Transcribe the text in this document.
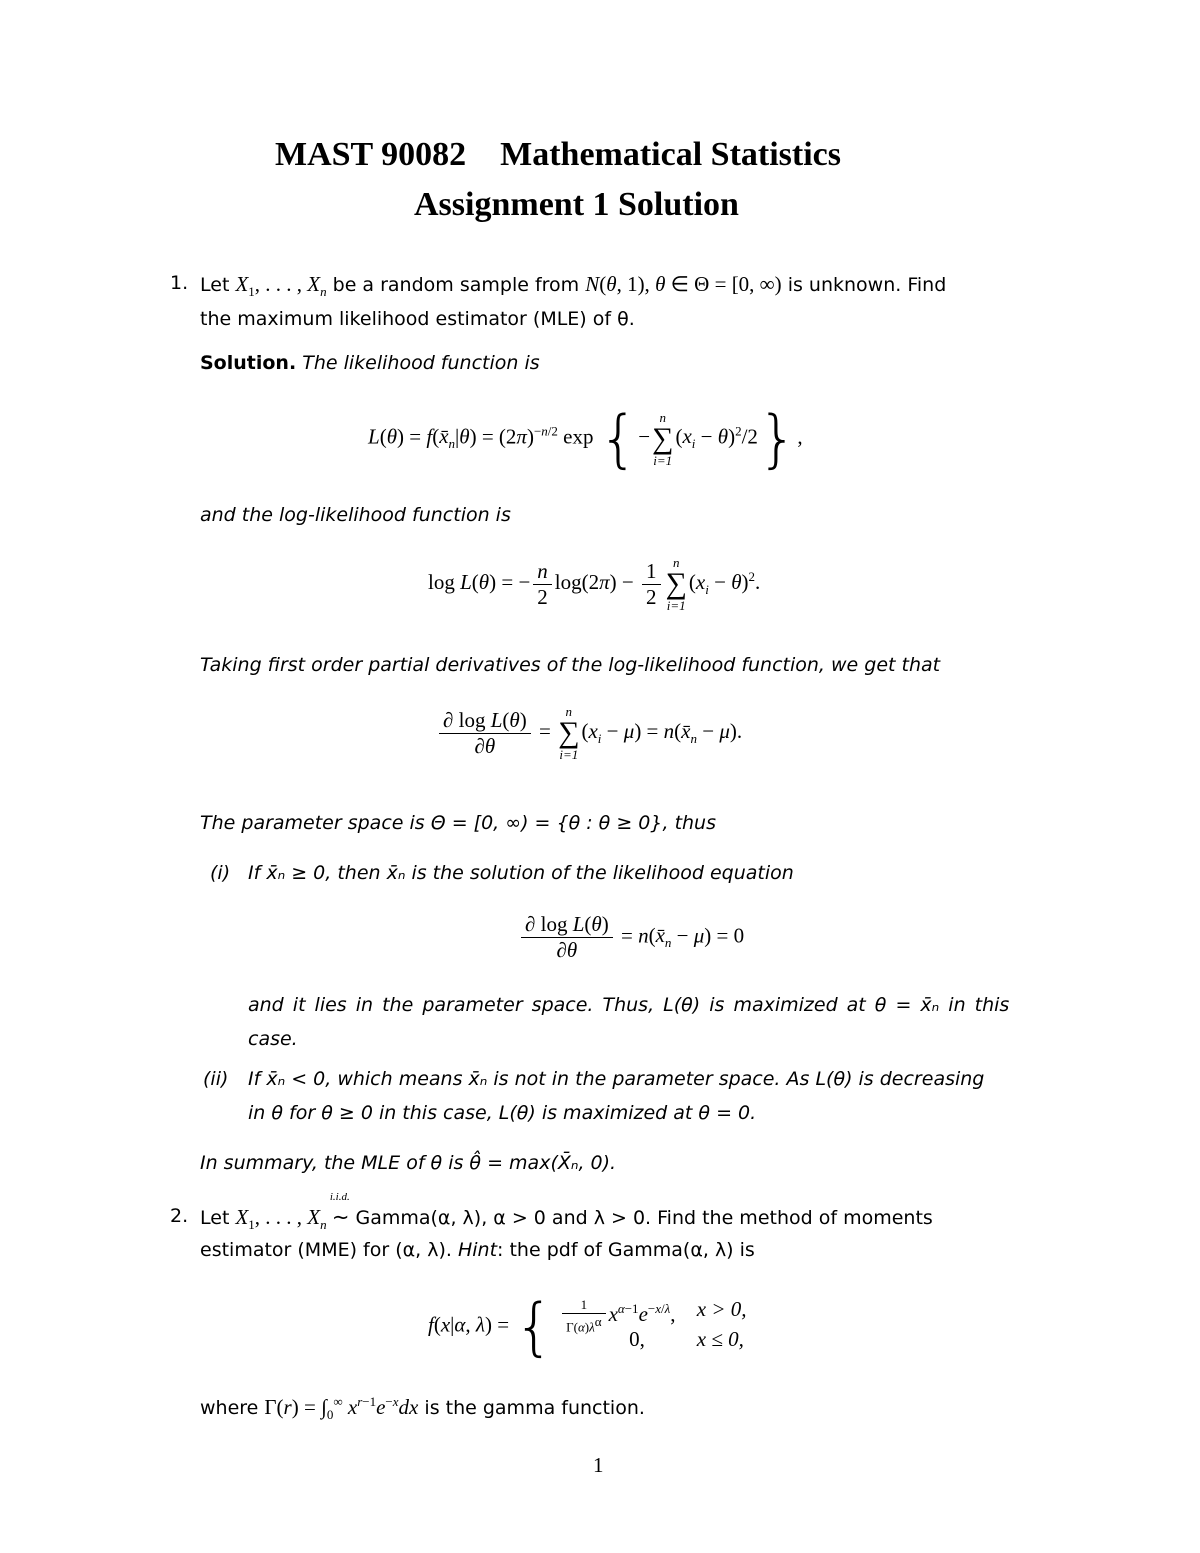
MAST 90082 Mathematical Statistics
Assignment 1 Solution
1. Let $X_1$, . . . , $X_n$ be a random sample from N(θ, 1), θ ∈ Θ = [0, ∞) is unknown. Find
the maximum likelihood estimator (MLE) of θ.
Solution. The likelihood function is
$L(\theta) = f(x̄_n|\theta) = (2\pi)^{-n/2}$ exp {−
n
∑
i=1
$(x_i - \theta)^2/2$},
and the log-likelihood function is
log L(θ) = − $\frac{n}{2} \log(2\pi) - \frac{1}{2}$ n
∑
i=1
$(x_i - \theta)^2$.
Taking first order partial derivatives of the log-likelihood function, we get that
$\frac{\text{∂ log L(θ)}}{\partial\theta}$ =
n
∑
i=1
$(x_i - \mu)$ = $n(x̄_n - \mu)$.
The parameter space is Θ = [0, ∞) = {θ : θ ≥ 0}, thus
(i) If x̄ₙ ≥ 0, then x̄ₙ is the solution of the likelihood equation
$\frac{\text{∂ log L(θ)}}{\partial\theta}$ = $n(x̄_n - \mu) = 0$
and it lies in the parameter space. Thus, L(θ) is maximized at θ = x̄ₙ in this
case.
(ii) If x̄ₙ < 0, which means x̄ₙ is not in the parameter space. As L(θ) is decreasing
in θ for θ ≥ 0 in this case, L(θ) is maximized at θ = 0.
In summary, the MLE of θ is θ̂ = max(X̄ₙ, 0).
2. Let $X_1$, . . . , $X_n$
i.i.d.
∼ Gamma(α, λ), α > 0 and λ > 0. Find the method of moments
estimator (MME) for (α, λ). Hint: the pdf of Gamma(α, λ) is
f(x|α, λ) = { $\frac{1}{\Gamma(\alpha)\lambda^\alpha} x^{\alpha-1}e^{-x/\lambda}$,
0,

x > 0,
x ≤ 0,
where $\Gamma(r) = \int_0^\infty$ $x^{r-1}e^{-x}dx$ is the gamma function.
1
